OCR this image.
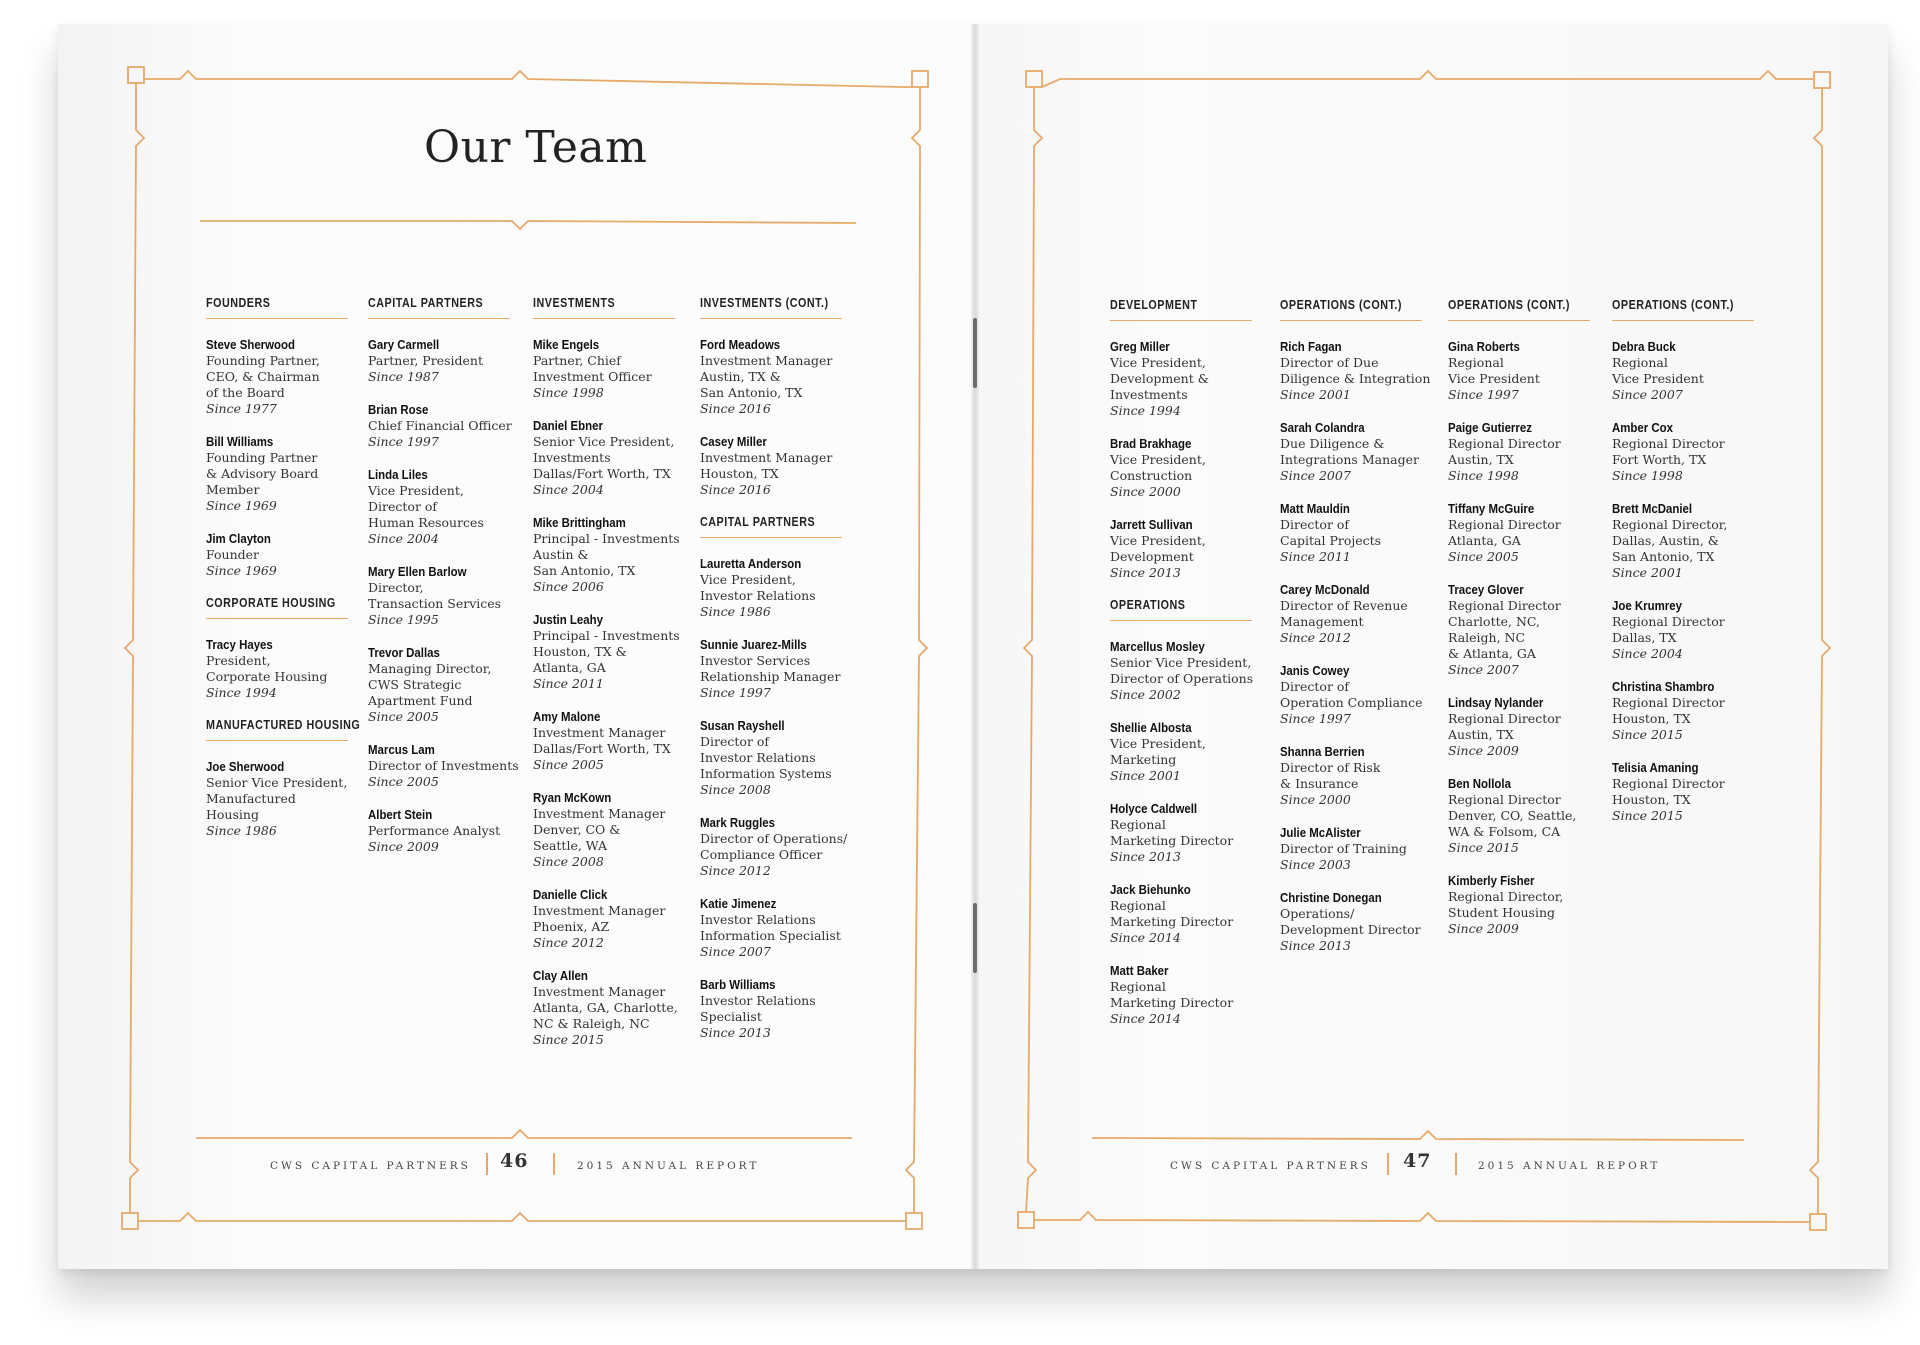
Our Team
FOUNDERS
Steve Sherwood
Founding Partner,
CEO, & Chairman
of the Board
Since 1977
Bill Williams
Founding Partner
& Advisory Board
Member
Since 1969
Jim Clayton
Founder
Since 1969
CORPORATE HOUSING
Tracy Hayes
President,
Corporate Housing
Since 1994
MANUFACTURED HOUSING
Joe Sherwood
Senior Vice President,
Manufactured
Housing
Since 1986
CAPITAL PARTNERS
Gary Carmell
Partner, President
Since 1987
Brian Rose
Chief Financial Officer
Since 1997
Linda Liles
Vice President,
Director of
Human Resources
Since 2004
Mary Ellen Barlow
Director,
Transaction Services
Since 1995
Trevor Dallas
Managing Director,
CWS Strategic
Apartment Fund
Since 2005
Marcus Lam
Director of Investments
Since 2005
Albert Stein
Performance Analyst
Since 2009
INVESTMENTS
Mike Engels
Partner, Chief
Investment Officer
Since 1998
Daniel Ebner
Senior Vice President,
Investments
Dallas/Fort Worth, TX
Since 2004
Mike Brittingham
Principal - Investments
Austin &
San Antonio, TX
Since 2006
Justin Leahy
Principal - Investments
Houston, TX &
Atlanta, GA
Since 2011
Amy Malone
Investment Manager
Dallas/Fort Worth, TX
Since 2005
Ryan McKown
Investment Manager
Denver, CO &
Seattle, WA
Since 2008
Danielle Click
Investment Manager
Phoenix, AZ
Since 2012
Clay Allen
Investment Manager
Atlanta, GA, Charlotte,
NC & Raleigh, NC
Since 2015
INVESTMENTS (CONT.)
Ford Meadows
Investment Manager
Austin, TX &
San Antonio, TX
Since 2016
Casey Miller
Investment Manager
Houston, TX
Since 2016
CAPITAL PARTNERS
Lauretta Anderson
Vice President,
Investor Relations
Since 1986
Sunnie Juarez-Mills
Investor Services
Relationship Manager
Since 1997
Susan Rayshell
Director of
Investor Relations
Information Systems
Since 2008
Mark Ruggles
Director of Operations/
Compliance Officer
Since 2012
Katie Jimenez
Investor Relations
Information Specialist
Since 2007
Barb Williams
Investor Relations
Specialist
Since 2013
CWS CAPITAL PARTNERS 46	2015 ANNUAL REPORT
DEVELOPMENT
Greg Miller
Vice President,
Development &
Investments
Since 1994
Brad Brakhage
Vice President,
Construction
Since 2000
Jarrett Sullivan
Vice President,
Development
Since 2013
OPERATIONS
Marcellus Mosley
Senior Vice President,
Director of Operations
Since 2002
Shellie Albosta
Vice President,
Marketing
Since 2001
Holyce Caldwell
Regional
Marketing Director
Since 2013
Jack Biehunko
Regional
Marketing Director
Since 2014
Matt Baker
Regional
Marketing Director
Since 2014
OPERATIONS (CONT.)
Rich Fagan
Director of Due
Diligence & Integration
Since 2001
Sarah Colandra
Due Diligence &
Integrations Manager
Since 2007
Matt Mauldin
Director of
Capital Projects
Since 2011
Carey McDonald
Director of Revenue
Management
Since 2012
Janis Cowey
Director of
Operation Compliance
Since 1997
Shanna Berrien
Director of Risk
& Insurance
Since 2000
Julie McAlister
Director of Training
Since 2003
Christine Donegan
Operations/
Development Director
Since 2013
OPERATIONS (CONT.)
Gina Roberts
Regional
Vice President
Since 1997
Paige Gutierrez
Regional Director
Austin, TX
Since 1998
Tiffany McGuire
Regional Director
Atlanta, GA
Since 2005
Tracey Glover
Regional Director
Charlotte, NC,
Raleigh, NC
& Atlanta, GA
Since 2007
Lindsay Nylander
Regional Director
Austin, TX
Since 2009
Ben Nollola
Regional Director
Denver, CO, Seattle,
WA & Folsom, CA
Since 2015
Kimberly Fisher
Regional Director,
Student Housing
Since 2009
OPERATIONS (CONT.)
Debra Buck
Regional
Vice President
Since 2007
Amber Cox
Regional Director
Fort Worth, TX
Since 1998
Brett McDaniel
Regional Director,
Dallas, Austin, &
San Antonio, TX
Since 2001
Joe Krumrey
Regional Director
Dallas, TX
Since 2004
Christina Shambro
Regional Director
Houston, TX
Since 2015
Telisia Amaning
Regional Director
Houston, TX
Since 2015
CWS CAPITAL PARTNERS 47	2015 ANNUAL REPORT
